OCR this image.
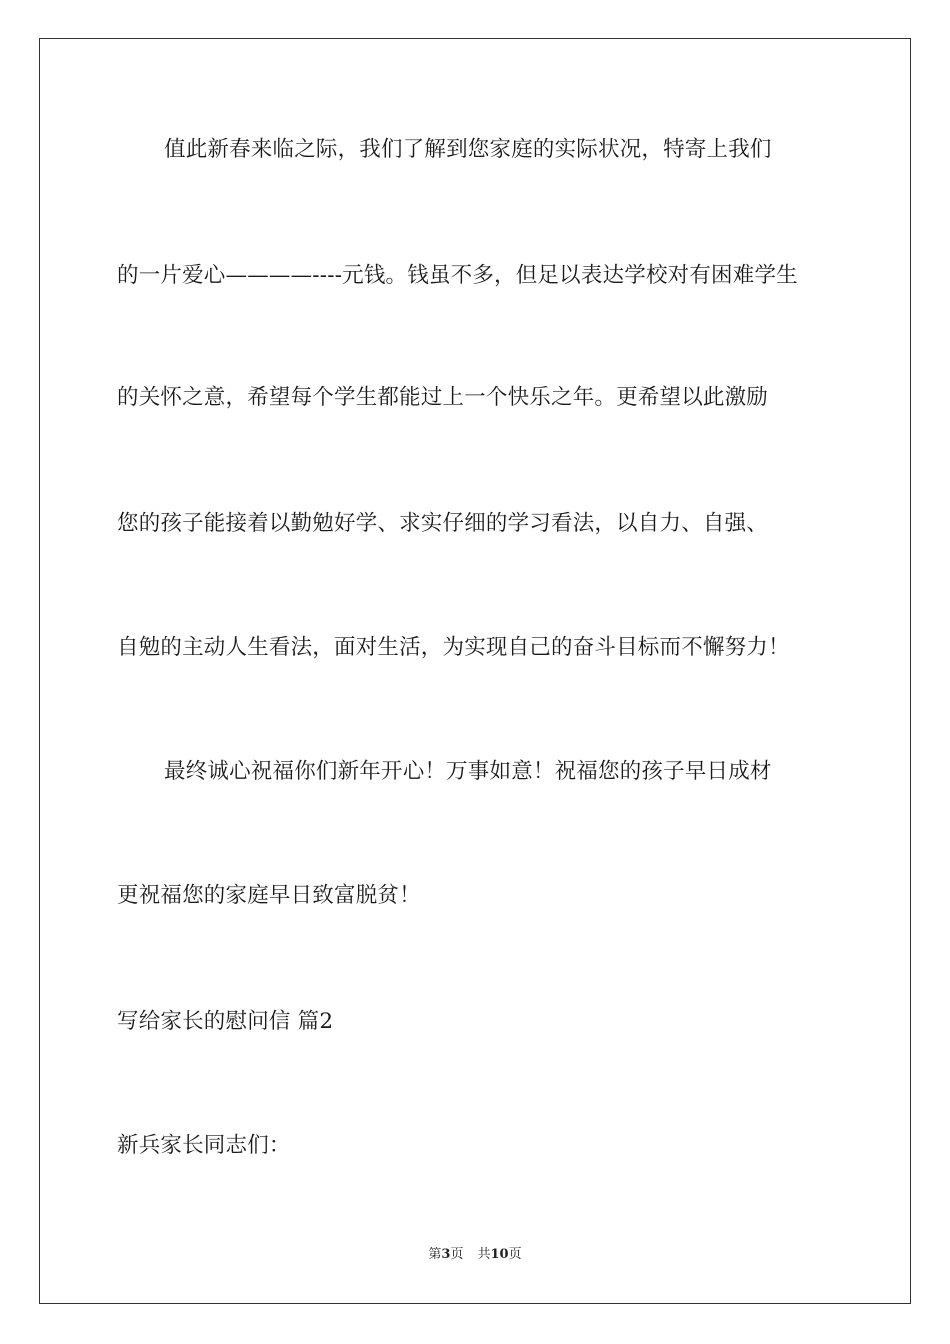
值此新春来临之际，我们了解到您家庭的实际状况，特寄上我们
的一片爱心————----元钱。钱虽不多，但足以表达学校对有困难学生
的关怀之意，希望每个学生都能过上一个快乐之年。更希望以此激励
您的孩子能接着以勤勉好学、求实仔细的学习看法，以自力、自强、
自勉的主动人生看法，面对生活，为实现自己的奋斗目标而不懈努力！
最终诚心祝福你们新年开心！万事如意！祝福您的孩子早日成材
更祝福您的家庭早日致富脱贫！
写给家长的慰问信 篇2
新兵家长同志们：
第3页 共10页
